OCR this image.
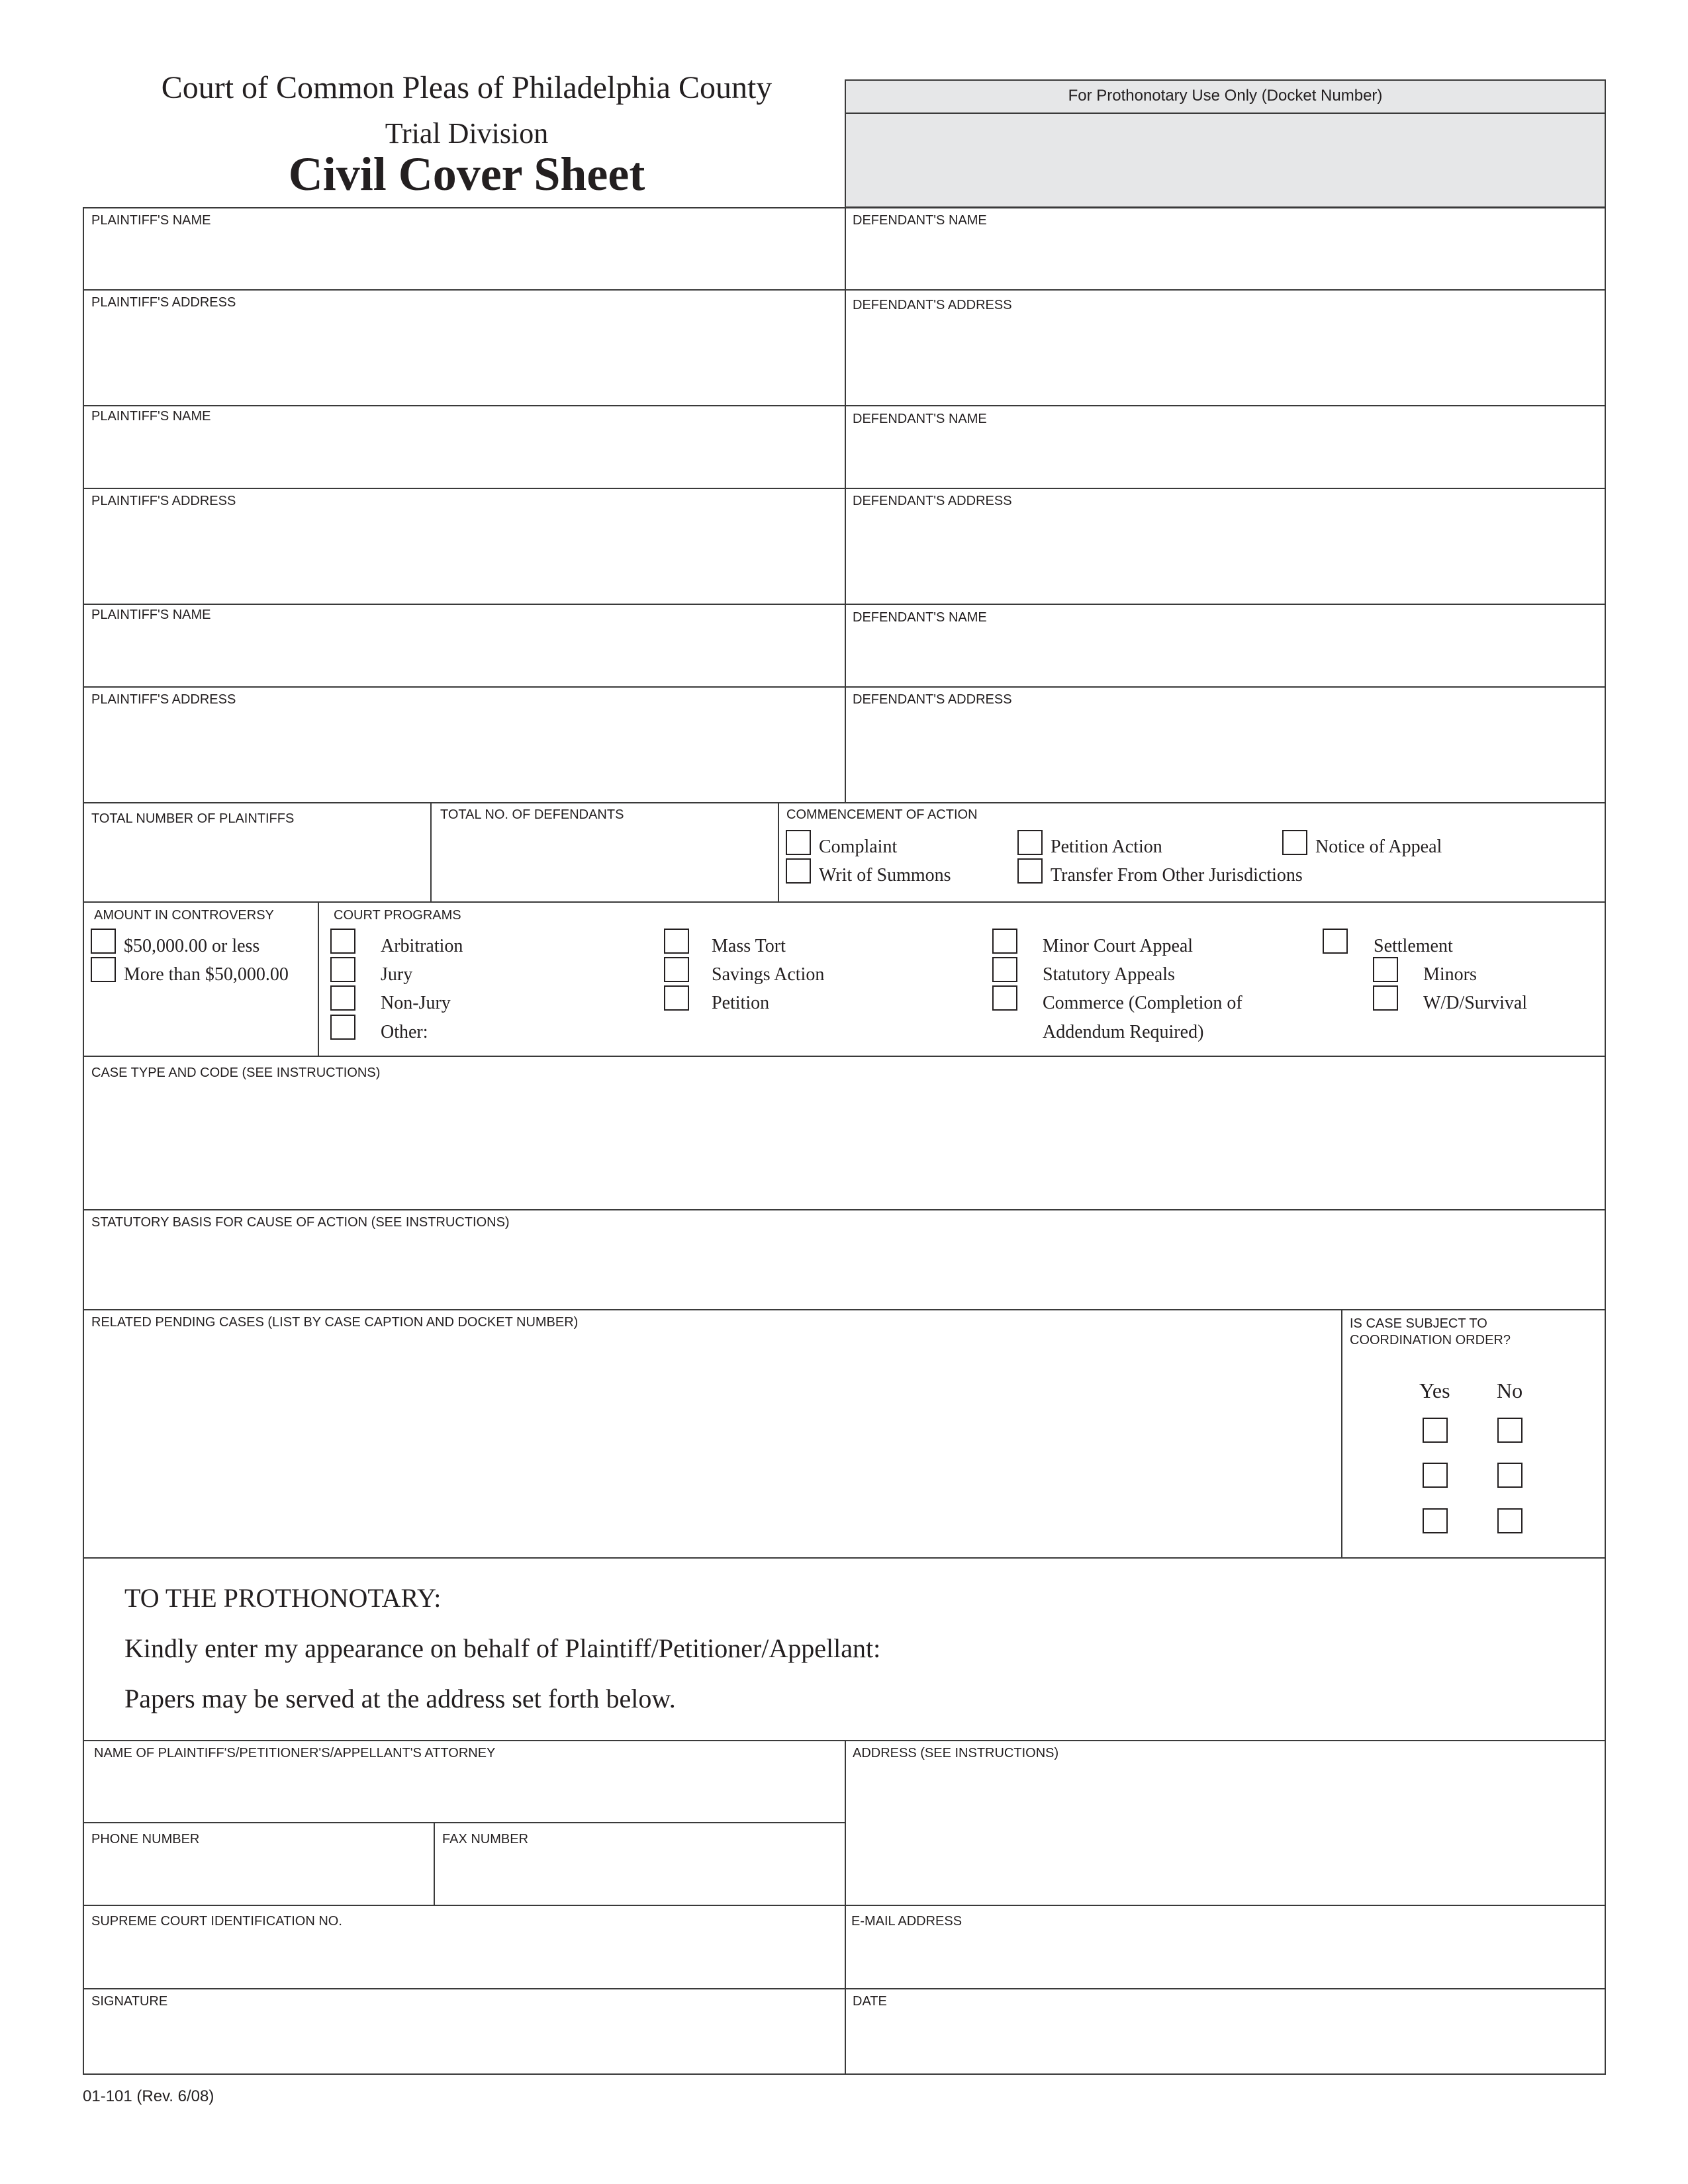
Court of Common Pleas of Philadelphia County
Trial Division
Civil Cover Sheet
For Prothonotary Use Only (Docket Number)
PLAINTIFF'S NAME	DEFENDANT'S NAME
PLAINTIFF'S ADDRESS	DEFENDANT'S ADDRESS
PLAINTIFF'S NAME	DEFENDANT'S NAME
PLAINTIFF'S ADDRESS	DEFENDANT'S ADDRESS
PLAINTIFF'S NAME	DEFENDANT'S NAME
PLAINTIFF'S ADDRESS	DEFENDANT'S ADDRESS
TOTAL NUMBER OF PLAINTIFFS	TOTAL NO. OF DEFENDANTS	COMMENCEMENT OF ACTION
Complaint	Petition Action	Notice of Appeal
Writ of Summons	Transfer From Other Jurisdictions
AMOUNT IN CONTROVERSY
$50,000.00 or less
More than $50,000.00
COURT PROGRAMS
Arbitration
Jury
Non-Jury
Other:
Mass Tort
Savings Action
Petition
Minor Court Appeal
Statutory Appeals
Commerce (Completion of
Addendum Required)
Settlement
Minors
W/D/Survival
CASE TYPE AND CODE (SEE INSTRUCTIONS)
STATUTORY BASIS FOR CAUSE OF ACTION (SEE INSTRUCTIONS)
RELATED PENDING CASES (LIST BY CASE CAPTION AND DOCKET NUMBER)	IS CASE SUBJECT TO
COORDINATION ORDER?
Yes No
TO THE PROTHONOTARY:
Kindly enter my appearance on behalf of Plaintiff/Petitioner/Appellant:
Papers may be served at the address set forth below.
NAME OF PLAINTIFF'S/PETITIONER'S/APPELLANT'S ATTORNEY	ADDRESS (SEE INSTRUCTIONS)
PHONE NUMBER	FAX NUMBER
SUPREME COURT IDENTIFICATION NO.	E-MAIL ADDRESS
SIGNATURE	DATE
01-101 (Rev. 6/08)
